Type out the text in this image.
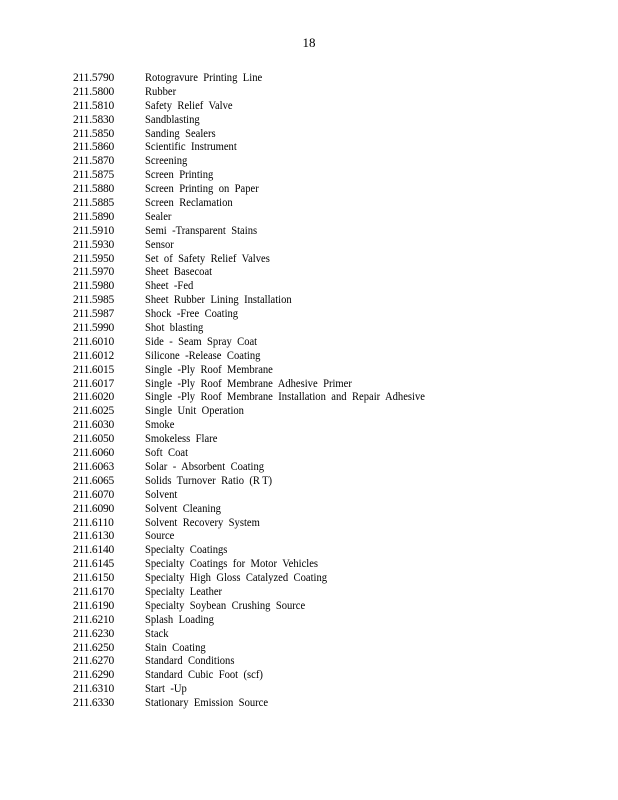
18
211.5790	Rotogravure Printing Line
211.5800	Rubber
211.5810	Safety Relief Valve
211.5830	Sandblasting
211.5850	Sanding Sealers
211.5860	Scientific Instrument
211.5870	Screening
211.5875	Screen Printing
211.5880	Screen Printing on Paper
211.5885	Screen Reclamation
211.5890	Sealer
211.5910	Semi -Transparent Stains
211.5930	Sensor
211.5950	Set of Safety Relief Valves
211.5970	Sheet Basecoat
211.5980	Sheet -Fed
211.5985	Sheet Rubber Lining Installation
211.5987	Shock -Free Coating
211.5990	Shot blasting
211.6010	Side - Seam Spray Coat
211.6012	Silicone -Release Coating
211.6015	Single -Ply Roof Membrane
211.6017	Single -Ply Roof Membrane Adhesive Primer
211.6020	Single -Ply Roof Membrane Installation and Repair Adhesive
211.6025	Single Unit Operation
211.6030	Smoke
211.6050	Smokeless Flare
211.6060	Soft Coat
211.6063	Solar - Absorbent Coating
211.6065	Solids Turnover Ratio (R T)
211.6070	Solvent
211.6090	Solvent Cleaning
211.6110	Solvent Recovery System
211.6130	Source
211.6140	Specialty Coatings
211.6145	Specialty Coatings for Motor Vehicles
211.6150	Specialty High Gloss Catalyzed Coating
211.6170	Specialty Leather
211.6190	Specialty Soybean Crushing Source
211.6210	Splash Loading
211.6230	Stack
211.6250	Stain Coating
211.6270	Standard Conditions
211.6290	Standard Cubic Foot (scf)
211.6310	Start -Up
211.6330	Stationary Emission Source
